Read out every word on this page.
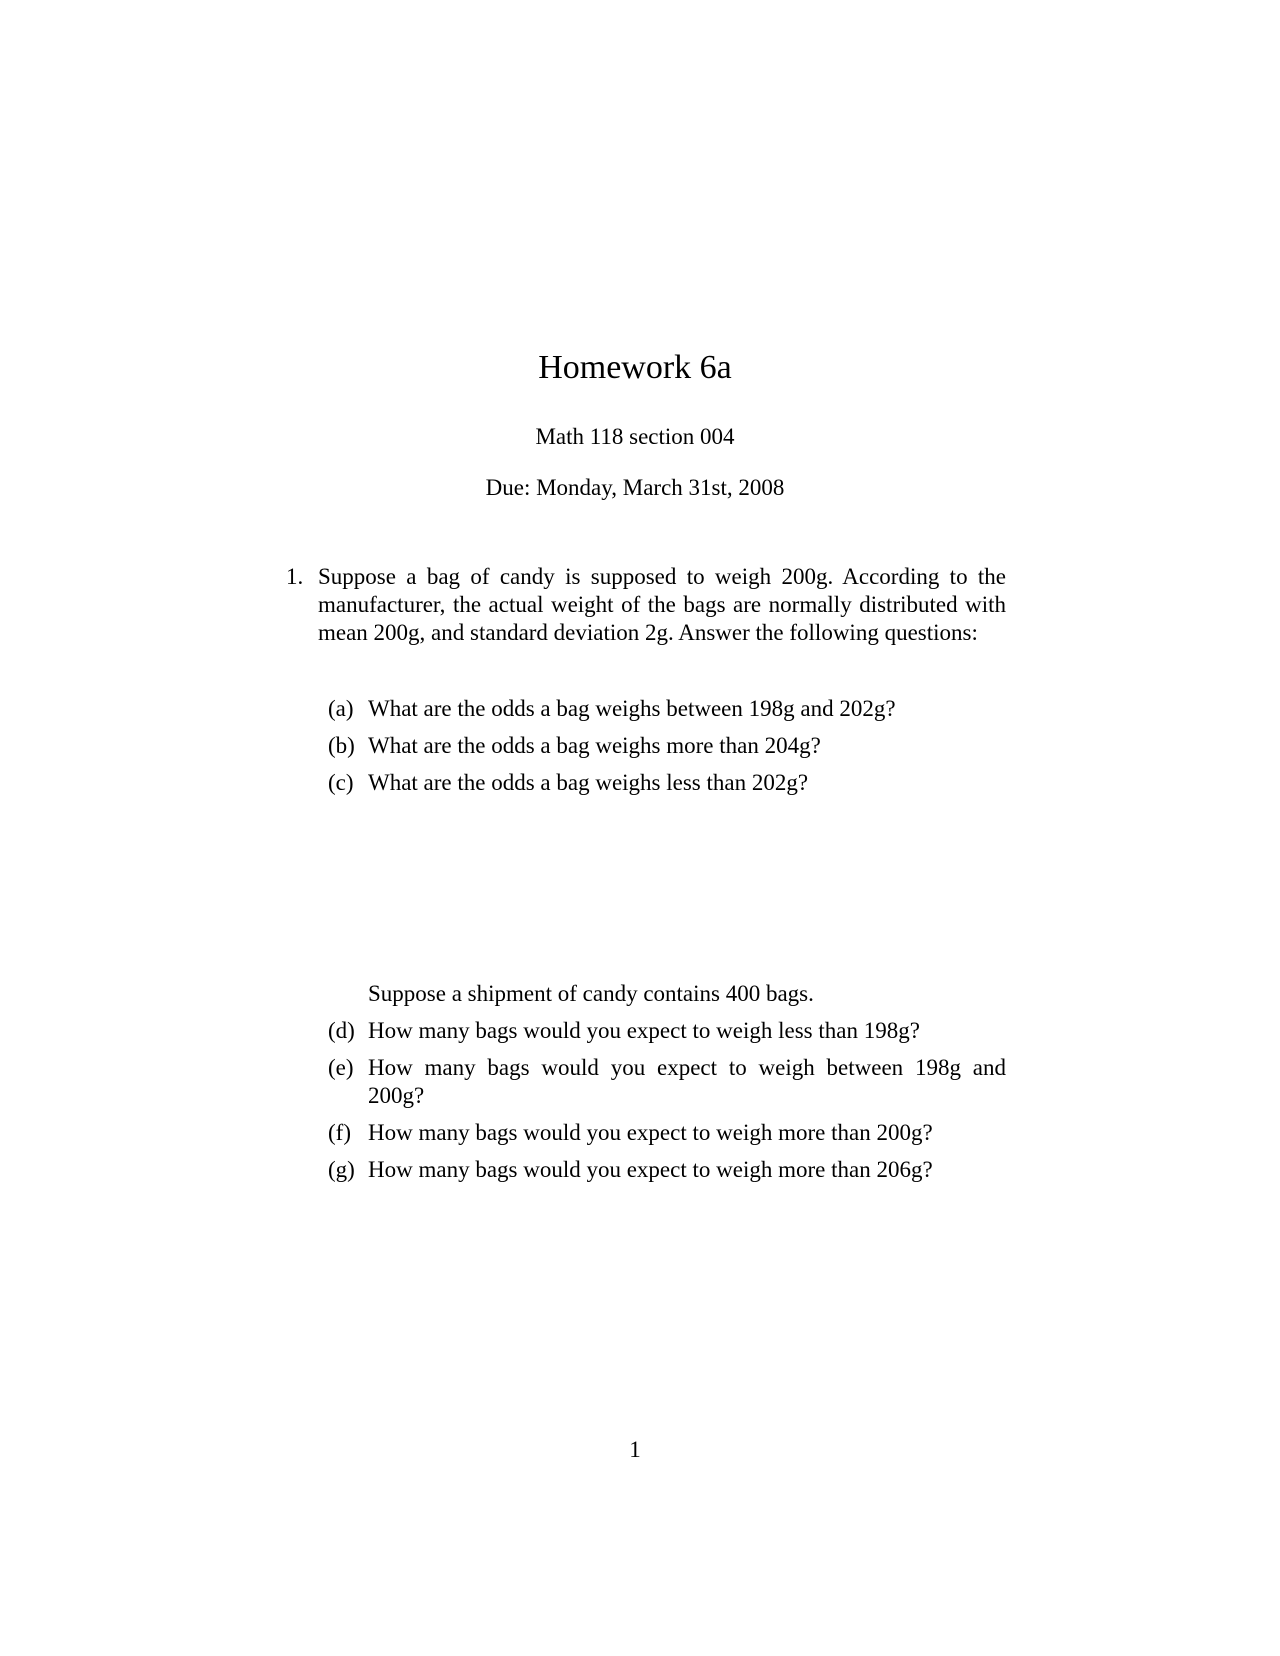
Homework 6a
Math 118 section 004
Due: Monday, March 31st, 2008
1. Suppose a bag of candy is supposed to weigh 200g. According to the manufacturer, the actual weight of the bags are normally distributed with mean 200g, and standard deviation 2g. Answer the following questions:
(a) What are the odds a bag weighs between 198g and 202g?
(b) What are the odds a bag weighs more than 204g?
(c) What are the odds a bag weighs less than 202g?
Suppose a shipment of candy contains 400 bags.
(d) How many bags would you expect to weigh less than 198g?
(e) How many bags would you expect to weigh between 198g and 200g?
(f) How many bags would you expect to weigh more than 200g?
(g) How many bags would you expect to weigh more than 206g?
1
